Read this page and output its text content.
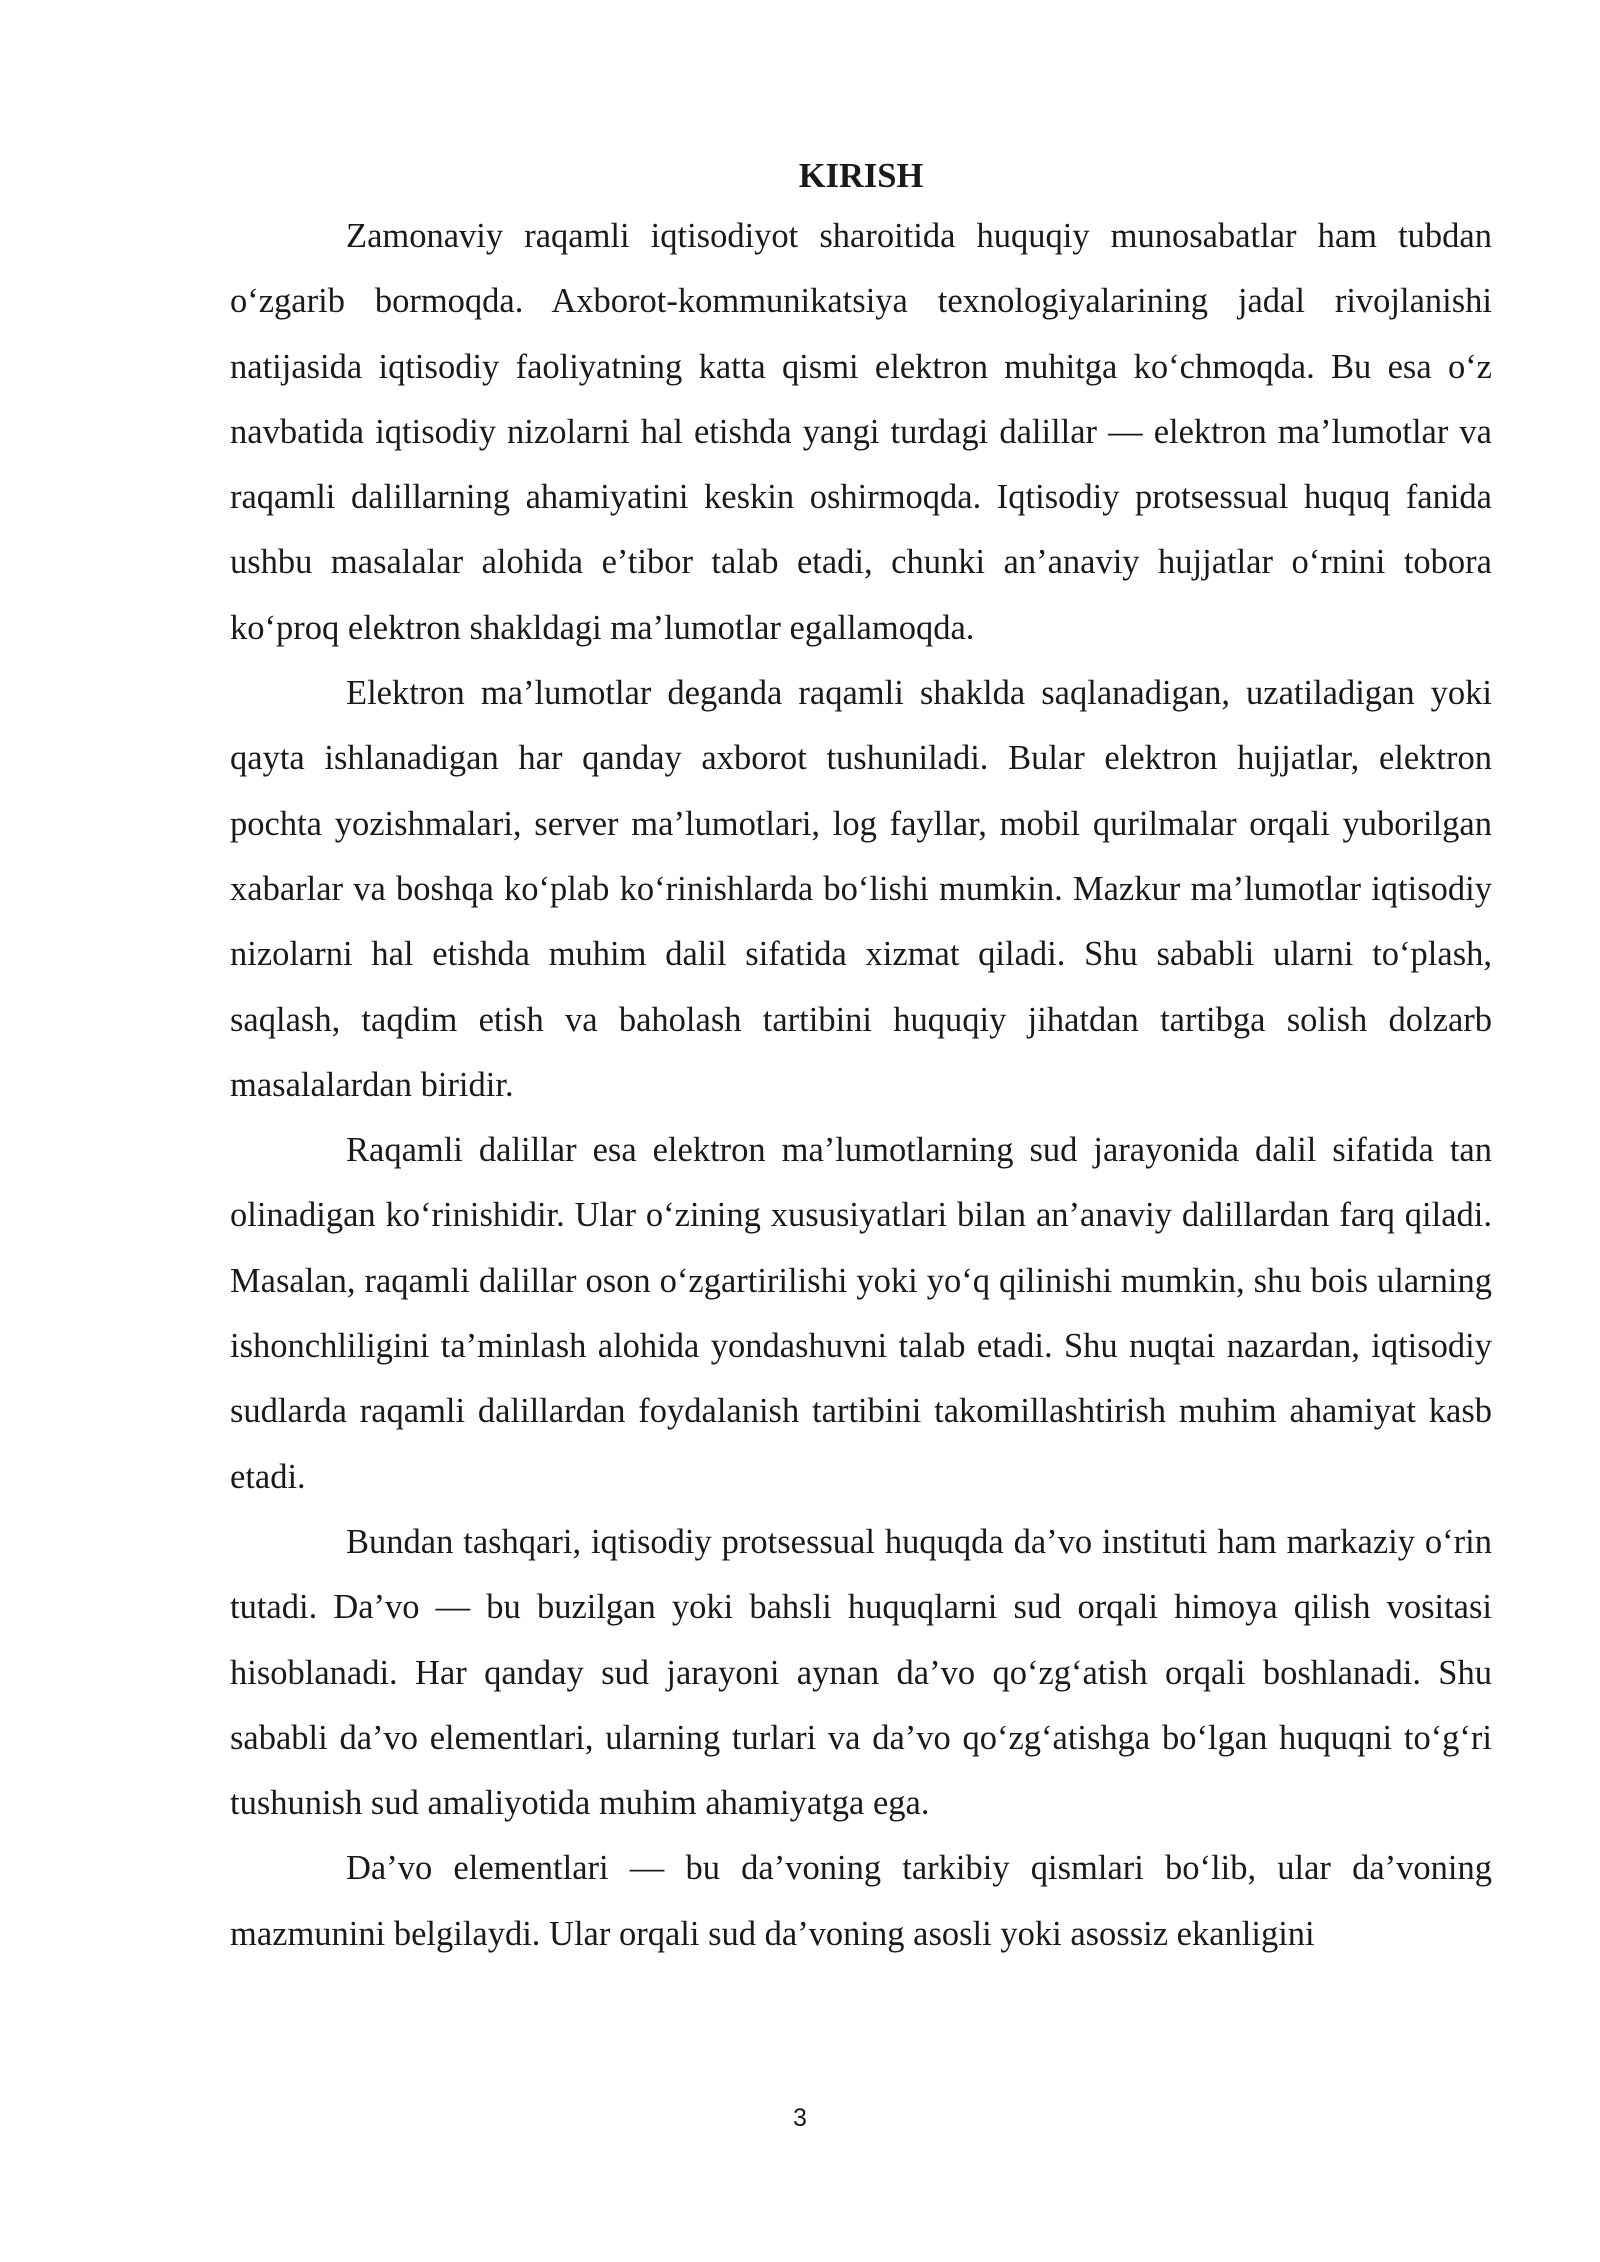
KIRISH

Zamonaviy raqamli iqtisodiyot sharoitida huquqiy munosabatlar ham tubdan o‘zgarib bormoqda. Axborot-kommunikatsiya texnologiyalarining jadal rivojlanishi natijasida iqtisodiy faoliyatning katta qismi elektron muhitga ko‘chmoqda. Bu esa o‘z navbatida iqtisodiy nizolarni hal etishda yangi turdagi dalillar — elektron ma’lumotlar va raqamli dalillarning ahamiyatini keskin oshirmoqda. Iqtisodiy protsessual huquq fanida ushbu masalalar alohida e’tibor talab etadi, chunki an’anaviy hujjatlar o‘rnini tobora ko‘proq elektron shakldagi ma’lumotlar egallamoqda.

Elektron ma’lumotlar deganda raqamli shaklda saqlanadigan, uzatiladigan yoki qayta ishlanadigan har qanday axborot tushuniladi. Bular elektron hujjatlar, elektron pochta yozishmalari, server ma’lumotlari, log fayllar, mobil qurilmalar orqali yuborilgan xabarlar va boshqa ko‘plab ko‘rinishlarda bo‘lishi mumkin. Mazkur ma’lumotlar iqtisodiy nizolarni hal etishda muhim dalil sifatida xizmat qiladi. Shu sababli ularni to‘plash, saqlash, taqdim etish va baholash tartibini huquqiy jihatdan tartibga solish dolzarb masalalardan biridir.

Raqamli dalillar esa elektron ma’lumotlarning sud jarayonida dalil sifatida tan olinadigan ko‘rinishidir. Ular o‘zining xususiyatlari bilan an’anaviy dalillardan farq qiladi. Masalan, raqamli dalillar oson o‘zgartirilishi yoki yo‘q qilinishi mumkin, shu bois ularning ishonchliligini ta’minlash alohida yondashuvni talab etadi. Shu nuqtai nazardan, iqtisodiy sudlarda raqamli dalillardan foydalanish tartibini takomillashtirish muhim ahamiyat kasb etadi.

Bundan tashqari, iqtisodiy protsessual huquqda da’vo instituti ham markaziy o‘rin tutadi. Da’vo — bu buzilgan yoki bahsli huquqlarni sud orqali himoya qilish vositasi hisoblanadi. Har qanday sud jarayoni aynan da’vo qo‘zg‘atish orqali boshlanadi. Shu sababli da’vo elementlari, ularning turlari va da’vo qo‘zg‘atishga bo‘lgan huquqni to‘g‘ri tushunish sud amaliyotida muhim ahamiyatga ega.

Da’vo elementlari — bu da’voning tarkibiy qismlari bo‘lib, ular da’voning mazmunini belgilaydi. Ular orqali sud da’voning asosli yoki asossiz ekanligini

3
